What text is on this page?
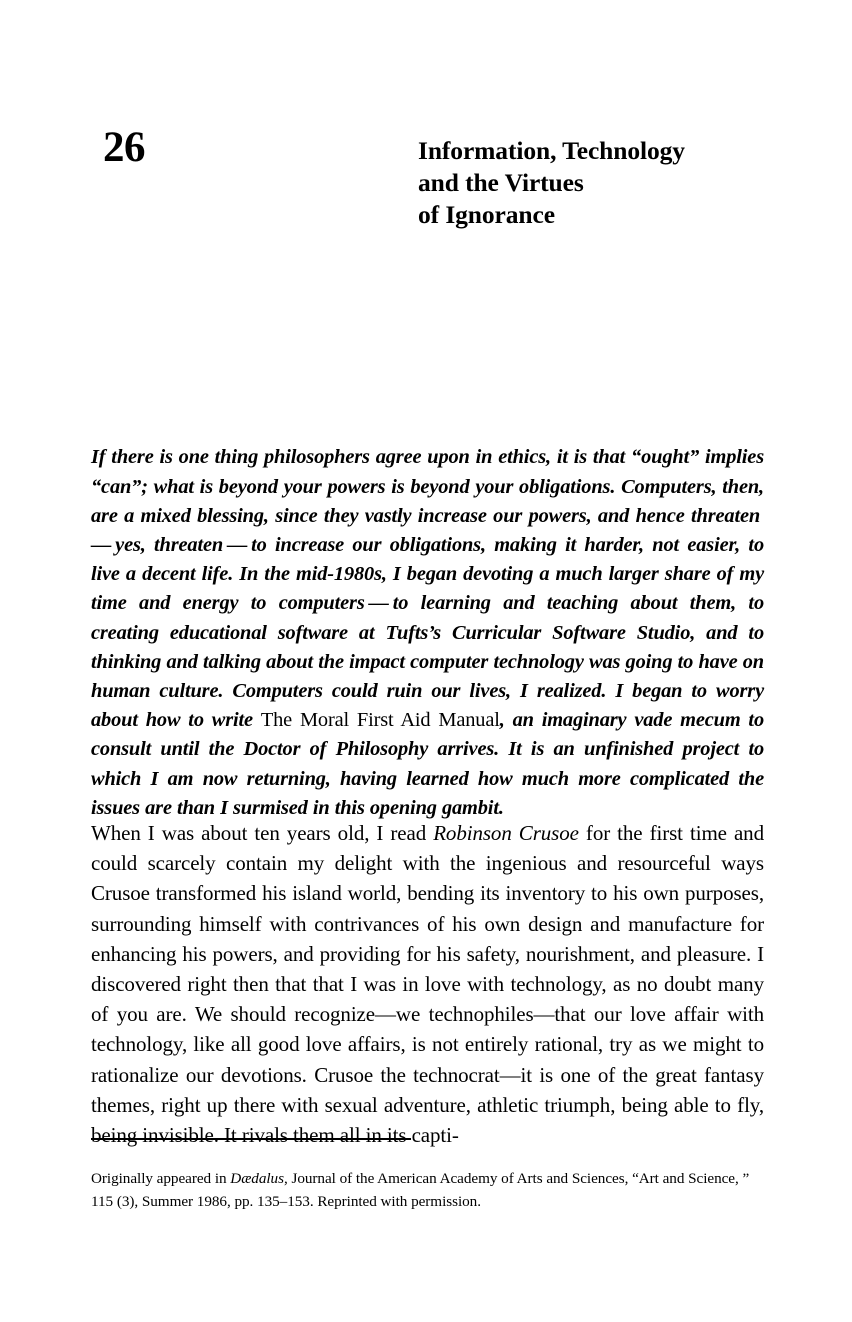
26	Information, Technology
and the Virtues
of Ignorance

If there is one thing philosophers agree upon in ethics, it is that “ought” implies “can”; what is beyond your powers is beyond your obligations. Computers, then, are a mixed blessing, since they vastly increase our powers, and hence threaten — yes, threaten — to increase our obligations, making it harder, not easier, to live a decent life. In the mid-1980s, I began devoting a much larger share of my time and energy to computers — to learning and teaching about them, to creating educational software at Tufts’s Curricular Software Studio, and to thinking and talking about the impact computer technology was going to have on human culture. Computers could ruin our lives, I realized. I began to worry about how to write The Moral First Aid Manual, an imaginary vade mecum to consult until the Doctor of Philosophy arrives. It is an unfinished project to which I am now returning, having learned how much more complicated the issues are than I surmised in this opening gambit.

When I was about ten years old, I read Robinson Crusoe for the first time and could scarcely contain my delight with the ingenious and resourceful ways Crusoe transformed his island world, bending its inventory to his own purposes, surrounding himself with contrivances of his own design and manufacture for enhancing his powers, and providing for his safety, nourishment, and pleasure. I discovered right then that that I was in love with technology, as no doubt many of you are. We should recognize—we technophiles—that our love affair with technology, like all good love affairs, is not entirely rational, try as we might to rationalize our devotions. Crusoe the technocrat—it is one of the great fantasy themes, right up there with sexual adventure, athletic triumph, being able to fly, being invisible. It rivals them all in its capti-

Originally appeared in Dædalus, Journal of the American Academy of Arts and Sciences, “Art and Science, ” 115 (3), Summer 1986, pp. 135–153. Reprinted with permission.
